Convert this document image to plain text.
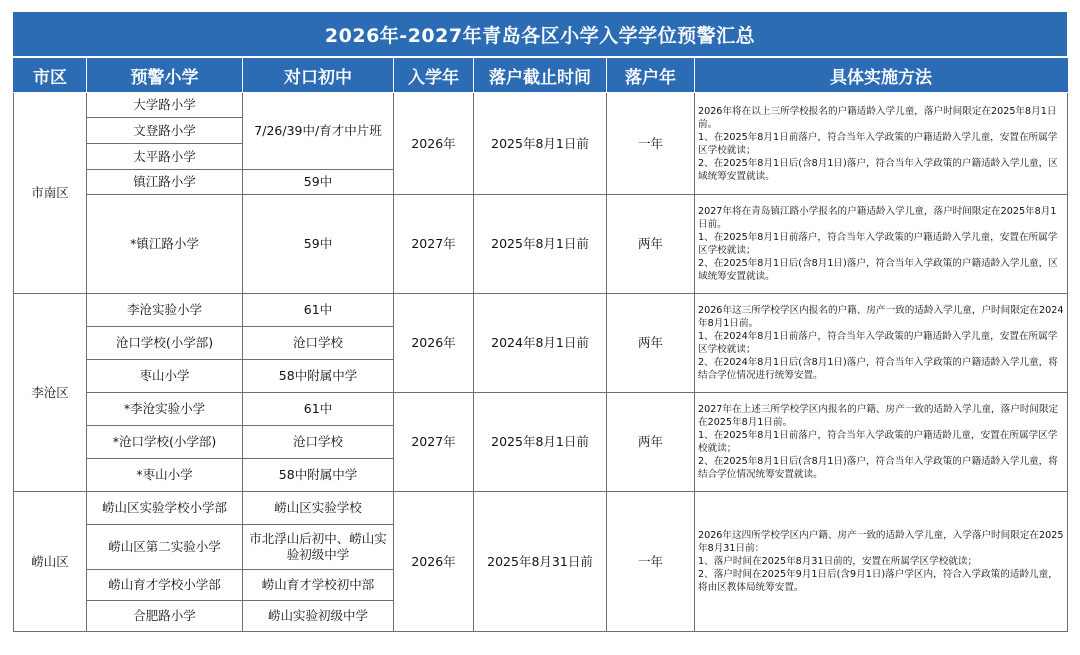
2026年-2027年青岛各区小学入学学位预警汇总
市区	预警小学	对口初中	入学年	落户截止时间	落户年	具体实施方法
市南区	大学路小学	7/26/39中/育才中片班	2026年	2025年8月1日前	一年	2026年将在以上三所学校报名的户籍适龄入学儿童，落户时间限定在2025年8月1日前。
1、在2025年8月1日前落户，符合当年入学政策的户籍适龄入学儿童，安置在所属学区学校就读；
2、在2025年8月1日后(含8月1日)落户，符合当年入学政策的户籍适龄入学儿童，区域统筹安置就读。
	文登路小学					
	太平路小学					
	镇江路小学	59中				
	*镇江路小学	59中	2027年	2025年8月1日前	两年	2027年将在青岛镇江路小学报名的户籍适龄入学儿童，落户时间限定在2025年8月1日前。
1、在2025年8月1日前落户，符合当年入学政策的户籍适龄入学儿童，安置在所属学区学校就读；
2、在2025年8月1日后(含8月1日)落户，符合当年入学政策的户籍适龄入学儿童，区域统筹安置就读。
李沧区	李沧实验小学	61中	2026年	2024年8月1日前	两年	2026年这三所学校学区内报名的户籍、房产一致的适龄入学儿童，户时间限定在2024年8月1日前。
1、在2024年8月1日前落户，符合当年入学政策的户籍适龄入学儿童，安置在所属学区学校就读；
2、在2024年8月1日后(含8月1日)落户，符合当年入学政策的户籍适龄入学儿童，将结合学位情况进行统筹安置。
	沧口学校(小学部)	沧口学校				
	枣山小学	58中附属中学				
	*李沧实验小学	61中	2027年	2025年8月1日前	两年	2027年在上述三所学校学区内报名的户籍、房产一致的适龄入学儿童，落户时间限定在2025年8月1日前。
1、在2025年8月1日前落户，符合当年入学政策的户籍适龄儿童，安置在所属学区学校就读；
2、在2025年8月1日后(含8月1日)落户，符合当年入学政策的户籍适龄入学儿童，将结合学位情况统筹安置就读。
	*沧口学校(小学部)	沧口学校				
	*枣山小学	58中附属中学				
崂山区	崂山区实验学校小学部	崂山区实验学校	2026年	2025年8月31日前	一年	2026年这四所学校学区内户籍、房产一致的适龄入学儿童，入学落户时间限定在2025年8月31日前：
1、落户时间在2025年8月31日前的，安置在所属学区学校就读；
2、落户时间在2025年9月1日后(含9月1日)落户学区内，符合入学政策的适龄儿童，将由区教体局统筹安置。
	崂山区第二实验小学	市北浮山后初中、崂山实验初级中学				
	崂山育才学校小学部	崂山育才学校初中部				
	合肥路小学	崂山实验初级中学				
